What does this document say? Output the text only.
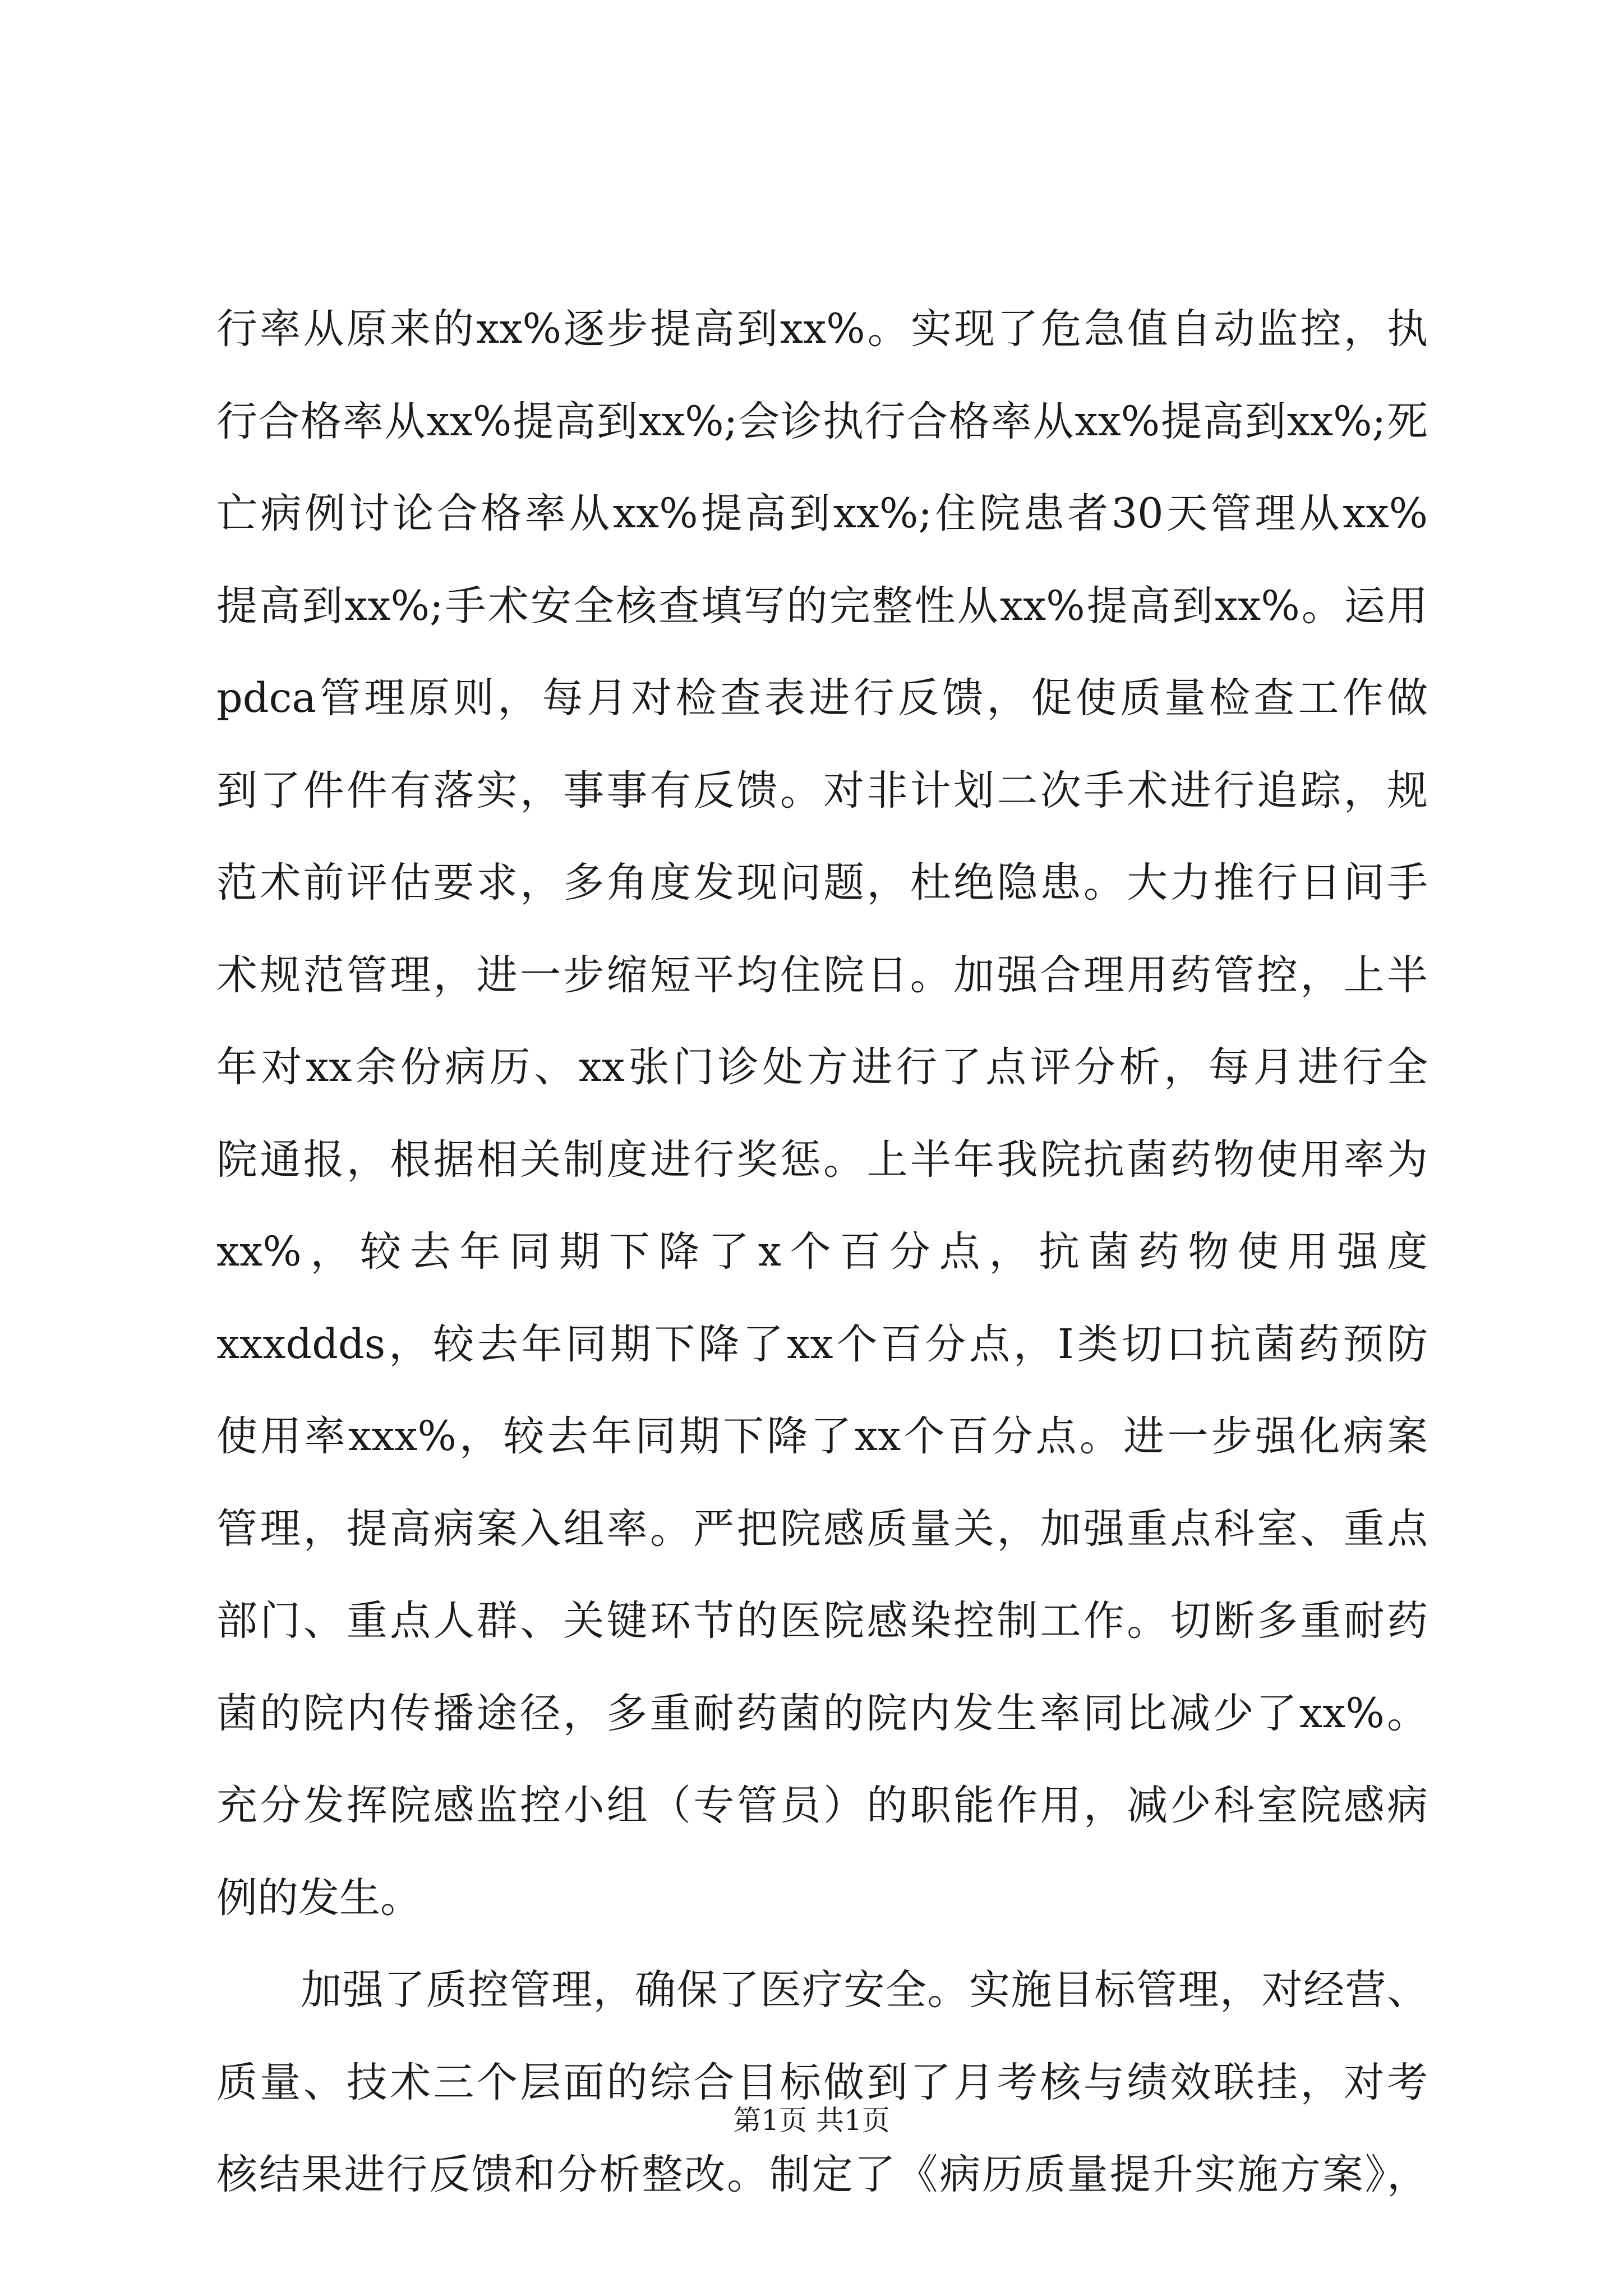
行率从原来的xx%逐步提高到xx%。实现了危急值自动监控，执
行合格率从xx%提高到xx%;会诊执行合格率从xx%提高到xx%;死
亡病例讨论合格率从xx%提高到xx%;住院患者30天管理从xx%
提高到xx%;手术安全核查填写的完整性从xx%提高到xx%。运用
pdca管理原则，每月对检查表进行反馈，促使质量检查工作做
到了件件有落实，事事有反馈。对非计划二次手术进行追踪，规
范术前评估要求，多角度发现问题，杜绝隐患。大力推行日间手
术规范管理，进一步缩短平均住院日。加强合理用药管控，上半
年对xx余份病历、xx张门诊处方进行了点评分析，每月进行全
院通报，根据相关制度进行奖惩。上半年我院抗菌药物使用率为
xx%，较去年同期下降了x个百分点，抗菌药物使用强度
xxxddds，较去年同期下降了xx个百分点，Ⅰ类切口抗菌药预防
使用率xxx%，较去年同期下降了xx个百分点。进一步强化病案
管理，提高病案入组率。严把院感质量关，加强重点科室、重点
部门、重点人群、关键环节的医院感染控制工作。切断多重耐药
菌的院内传播途径，多重耐药菌的院内发生率同比减少了xx%。
充分发挥院感监控小组（专管员）的职能作用，减少科室院感病
例的发生。
加强了质控管理，确保了医疗安全。实施目标管理，对经营、
质量、技术三个层面的综合目标做到了月考核与绩效联挂，对考
核结果进行反馈和分析整改。制定了《病历质量提升实施方案》，
第1页 共1页
